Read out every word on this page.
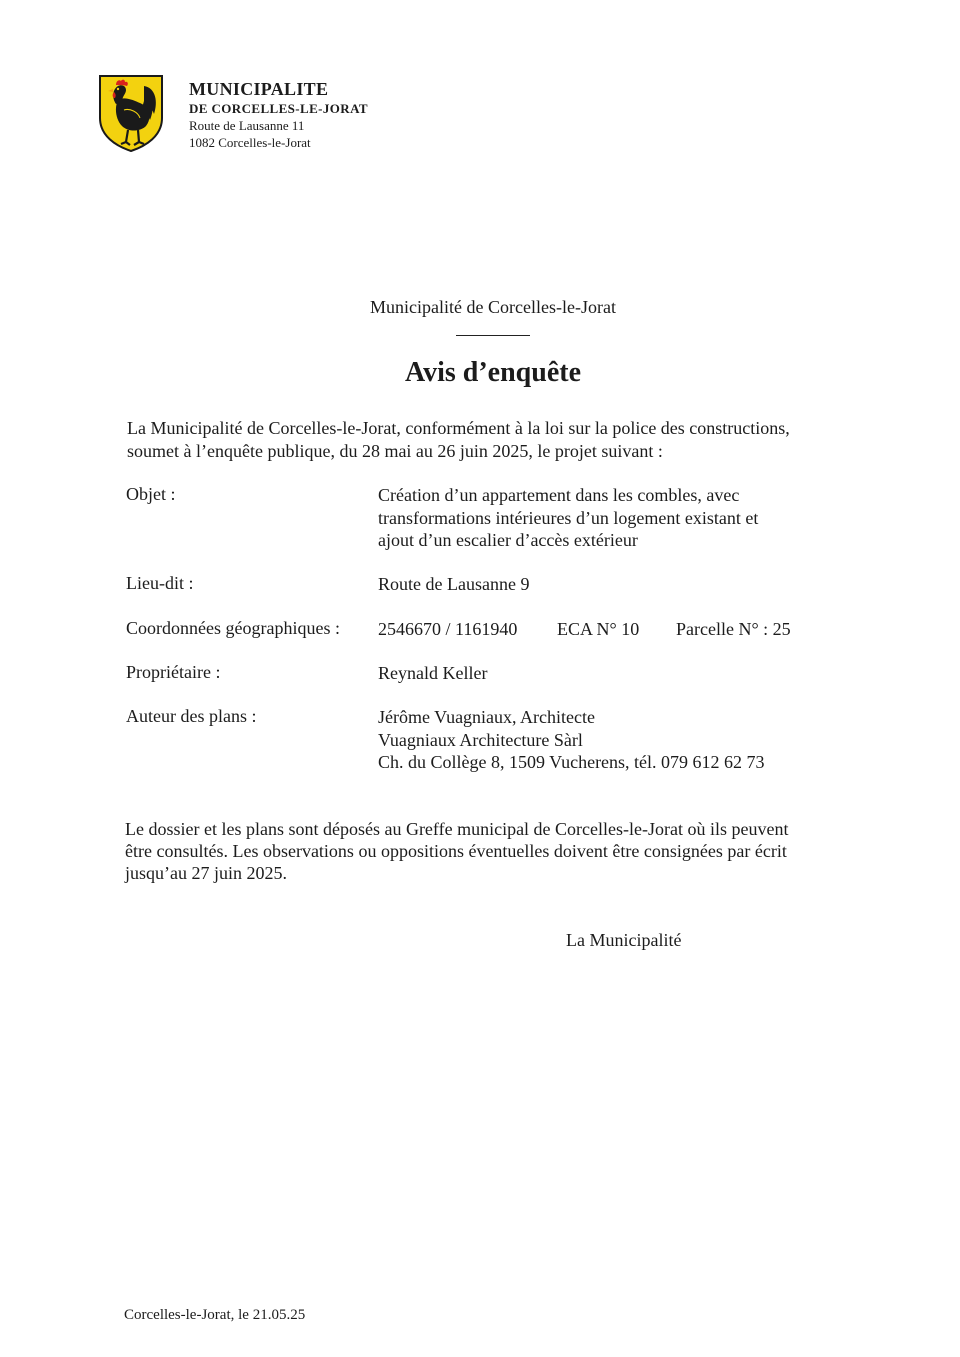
MUNICIPALITE
DE CORCELLES-LE-JORAT
Route de Lausanne 11
1082 Corcelles-le-Jorat
Municipalité de Corcelles-le-Jorat
Avis d’enquête
La Municipalité de Corcelles-le-Jorat, conformément à la loi sur la police des constructions,
soumet à l’enquête publique, du 28 mai au 26 juin 2025, le projet suivant :
Objet :	Création d’un appartement dans les combles, avec
transformations intérieures d’un logement existant et
ajout d’un escalier d’accès extérieur
Lieu-dit :	Route de Lausanne 9
Coordonnées géographiques : 2546670 / 1161940 ECA N° 10 Parcelle N° : 25
Propriétaire :	Reynald Keller
Auteur des plans :	Jérôme Vuagniaux, Architecte
Vuagniaux Architecture Sàrl
Ch. du Collège 8, 1509 Vucherens, tél. 079 612 62 73
Le dossier et les plans sont déposés au Greffe municipal de Corcelles-le-Jorat où ils peuvent
être consultés. Les observations ou oppositions éventuelles doivent être consignées par écrit
jusqu’au 27 juin 2025.
La Municipalité
Corcelles-le-Jorat, le 21.05.25
